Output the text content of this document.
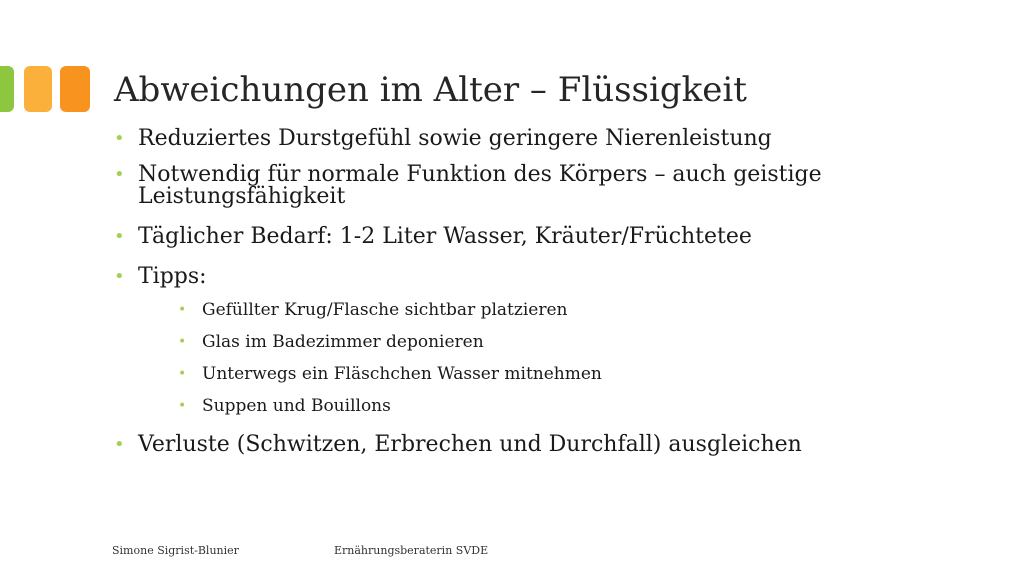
Abweichungen im Alter – Flüssigkeit
• Reduziertes Durstgefühl sowie geringere Nierenleistung
• Notwendig für normale Funktion des Körpers – auch geistige Leistungsfähigkeit
• Täglicher Bedarf: 1-2 Liter Wasser, Kräuter/Früchtetee
• Tipps:
• Gefüllter Krug/Flasche sichtbar platzieren
• Glas im Badezimmer deponieren
• Unterwegs ein Fläschchen Wasser mitnehmen
• Suppen und Bouillons
• Verluste (Schwitzen, Erbrechen und Durchfall) ausgleichen
Simone Sigrist-Blunier	Ernährungsberaterin SVDE
